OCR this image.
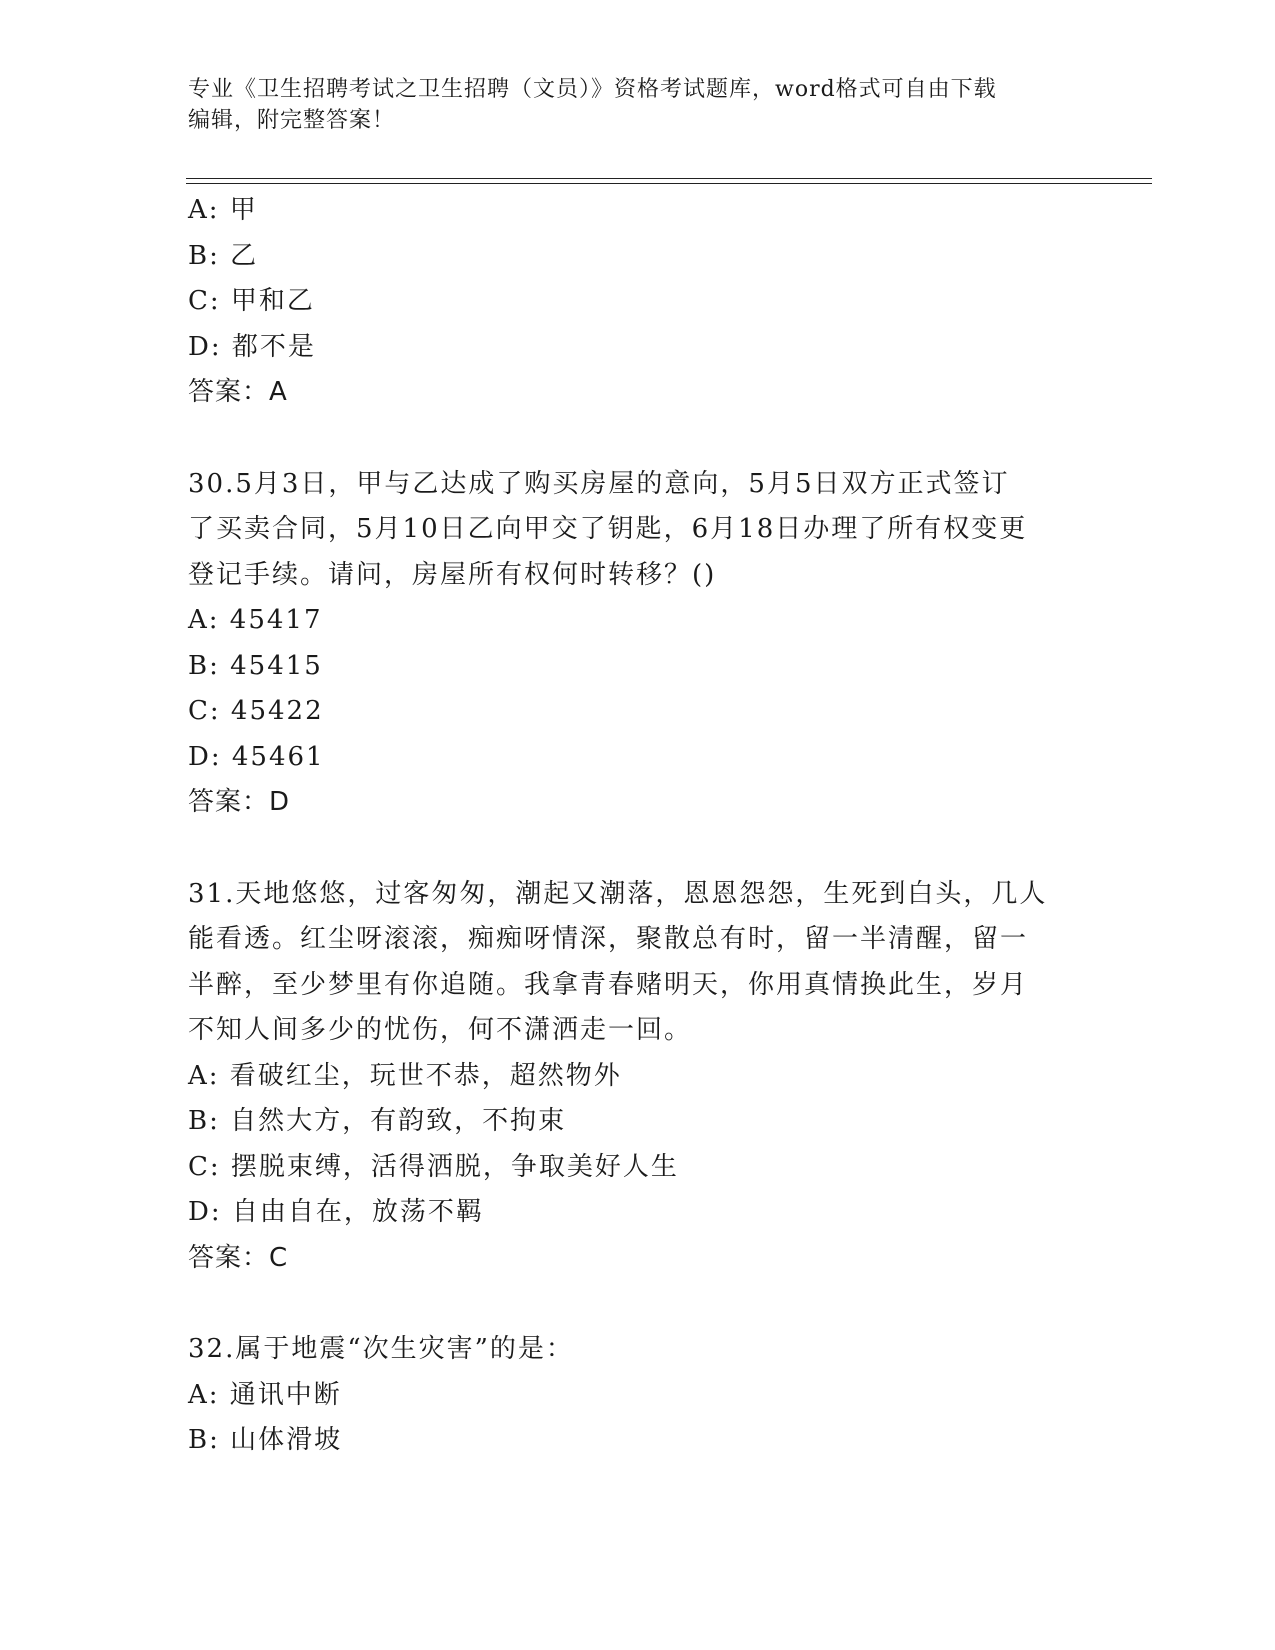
专业《卫生招聘考试之卫生招聘（文员）》资格考试题库，word格式可自由下载
编辑，附完整答案！
A: 甲
B: 乙
C: 甲和乙
D: 都不是
答案：A
30.5月3日，甲与乙达成了购买房屋的意向，5月5日双方正式签订
了买卖合同，5月10日乙向甲交了钥匙，6月18日办理了所有权变更
登记手续。请问，房屋所有权何时转移？()
A: 45417
B: 45415
C: 45422
D: 45461
答案：D
31.天地悠悠，过客匆匆，潮起又潮落，恩恩怨怨，生死到白头，几人
能看透。红尘呀滚滚，痴痴呀情深，聚散总有时，留一半清醒，留一
半醉，至少梦里有你追随。我拿青春赌明天，你用真情换此生，岁月
不知人间多少的忧伤，何不潇洒走一回。
A: 看破红尘，玩世不恭，超然物外
B: 自然大方，有韵致，不拘束
C: 摆脱束缚，活得洒脱，争取美好人生
D: 自由自在，放荡不羁
答案：C
32.属于地震“次生灾害”的是：
A: 通讯中断
B: 山体滑坡
